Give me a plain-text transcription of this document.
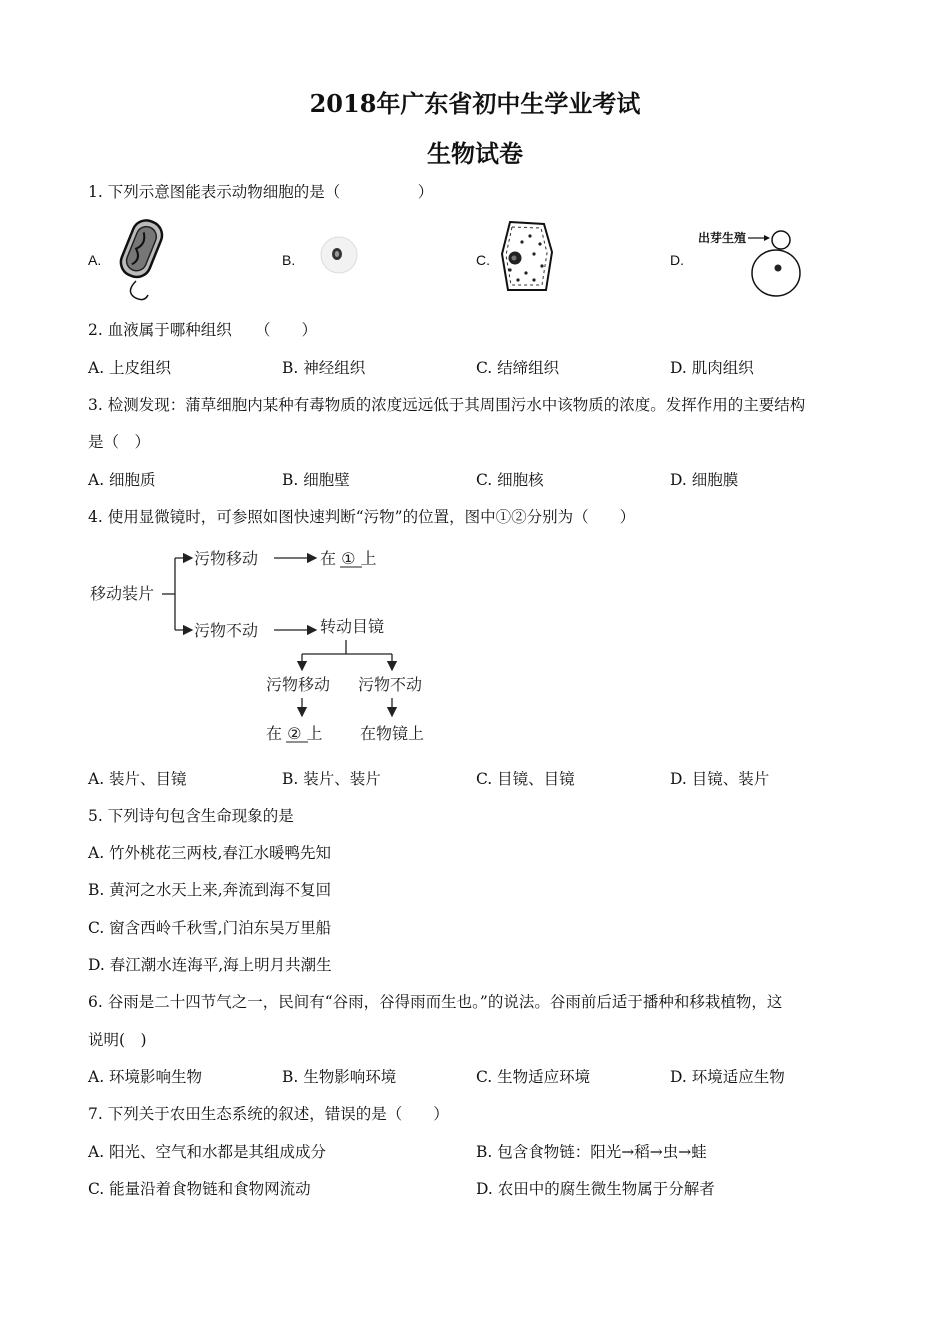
2018年广东省初中生学业考试
生物试卷
1. 下列示意图能表示动物细胞的是（　　　　　）
A.	B.	C.	D.
出芽生殖
2. 血液属于哪种组织　　（　　）
A. 上皮组织	B. 神经组织	C. 结缔组织	D. 肌肉组织
3. 检测发现：蒲草细胞内某种有毒物质的浓度远远低于其周围污水中该物质的浓度。发挥作用的主要结构
是（　）
A. 细胞质	B. 细胞壁	C. 细胞核	D. 细胞膜
4. 使用显微镜时，可参照如图快速判断“污物”的位置，图中①②分别为（　　）
移动装片
污物移动	在 ① 上
污物不动	转动目镜
污物移动 污物不动
在 ② 上 在物镜上
A. 装片、目镜	B. 装片、装片	C. 目镜、目镜	D. 目镜、装片
5. 下列诗句包含生命现象的是
A. 竹外桃花三两枝,春江水暖鸭先知
B. 黄河之水天上来,奔流到海不复回
C. 窗含西岭千秋雪,门泊东吴万里船
D. 春江潮水连海平,海上明月共潮生
6. 谷雨是二十四节气之一，民间有“谷雨，谷得雨而生也。”的说法。谷雨前后适于播种和移栽植物，这
说明(　)
A. 环境影响生物	B. 生物影响环境	C. 生物适应环境	D. 环境适应生物
7. 下列关于农田生态系统的叙述，错误的是（　　）
A. 阳光、空气和水都是其组成成分	B. 包含食物链：阳光→稻→虫→蛙
C. 能量沿着食物链和食物网流动	D. 农田中的腐生微生物属于分解者
